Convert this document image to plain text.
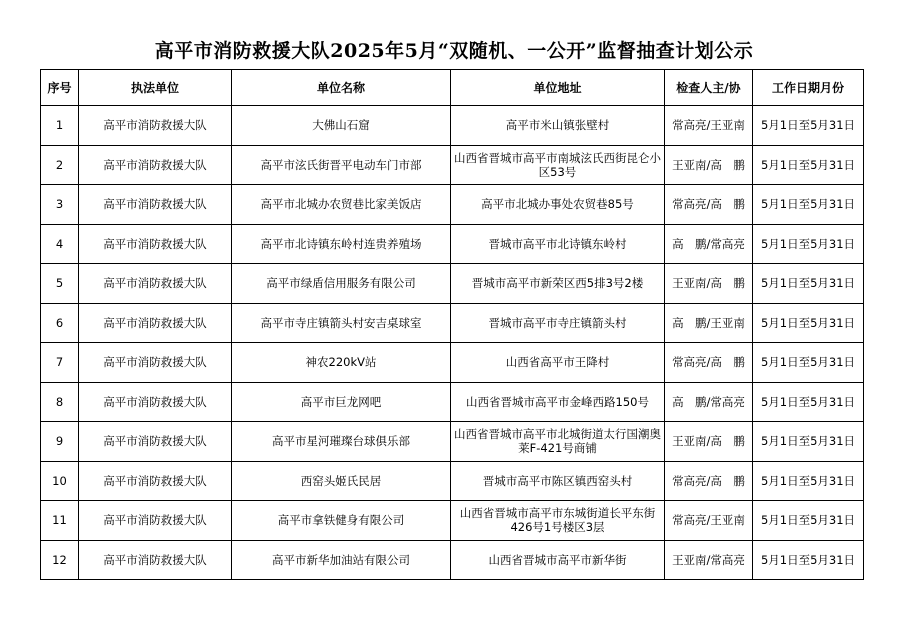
高平市消防救援大队2025年5月“双随机、一公开”监督抽查计划公示
序号	执法单位	单位名称	单位地址	检查人主/协	工作日期月份
1	高平市消防救援大队	大佛山石窟	高平市米山镇张壁村	常高亮/王亚南	5月1日至5月31日
2	高平市消防救援大队	高平市泫氏街晋平电动车门市部	山西省晋城市高平市南城泫氏西街昆仑小区53号	王亚南/高　鹏	5月1日至5月31日
3	高平市消防救援大队	高平市北城办农贸巷比家美饭店	高平市北城办事处农贸巷85号	常高亮/高　鹏	5月1日至5月31日
4	高平市消防救援大队	高平市北诗镇东岭村连贵养殖场	晋城市高平市北诗镇东岭村	高　鹏/常高亮	5月1日至5月31日
5	高平市消防救援大队	高平市绿盾信用服务有限公司	晋城市高平市新荣区西5排3号2楼	王亚南/高　鹏	5月1日至5月31日
6	高平市消防救援大队	高平市寺庄镇箭头村安吉桌球室	晋城市高平市寺庄镇箭头村	高　鹏/王亚南	5月1日至5月31日
7	高平市消防救援大队	神农220kV站	山西省高平市王降村	常高亮/高　鹏	5月1日至5月31日
8	高平市消防救援大队	高平市巨龙网吧	山西省晋城市高平市金峰西路150号	高　鹏/常高亮	5月1日至5月31日
9	高平市消防救援大队	高平市星河璀璨台球俱乐部	山西省晋城市高平市北城街道太行国潮奥莱F-421号商铺	王亚南/高　鹏	5月1日至5月31日
10	高平市消防救援大队	西窑头姬氏民居	晋城市高平市陈区镇西窑头村	常高亮/高　鹏	5月1日至5月31日
11	高平市消防救援大队	高平市拿铁健身有限公司	山西省晋城市高平市东城街道长平东街426号1号楼区3层	常高亮/王亚南	5月1日至5月31日
12	高平市消防救援大队	高平市新华加油站有限公司	山西省晋城市高平市新华街	王亚南/常高亮	5月1日至5月31日
